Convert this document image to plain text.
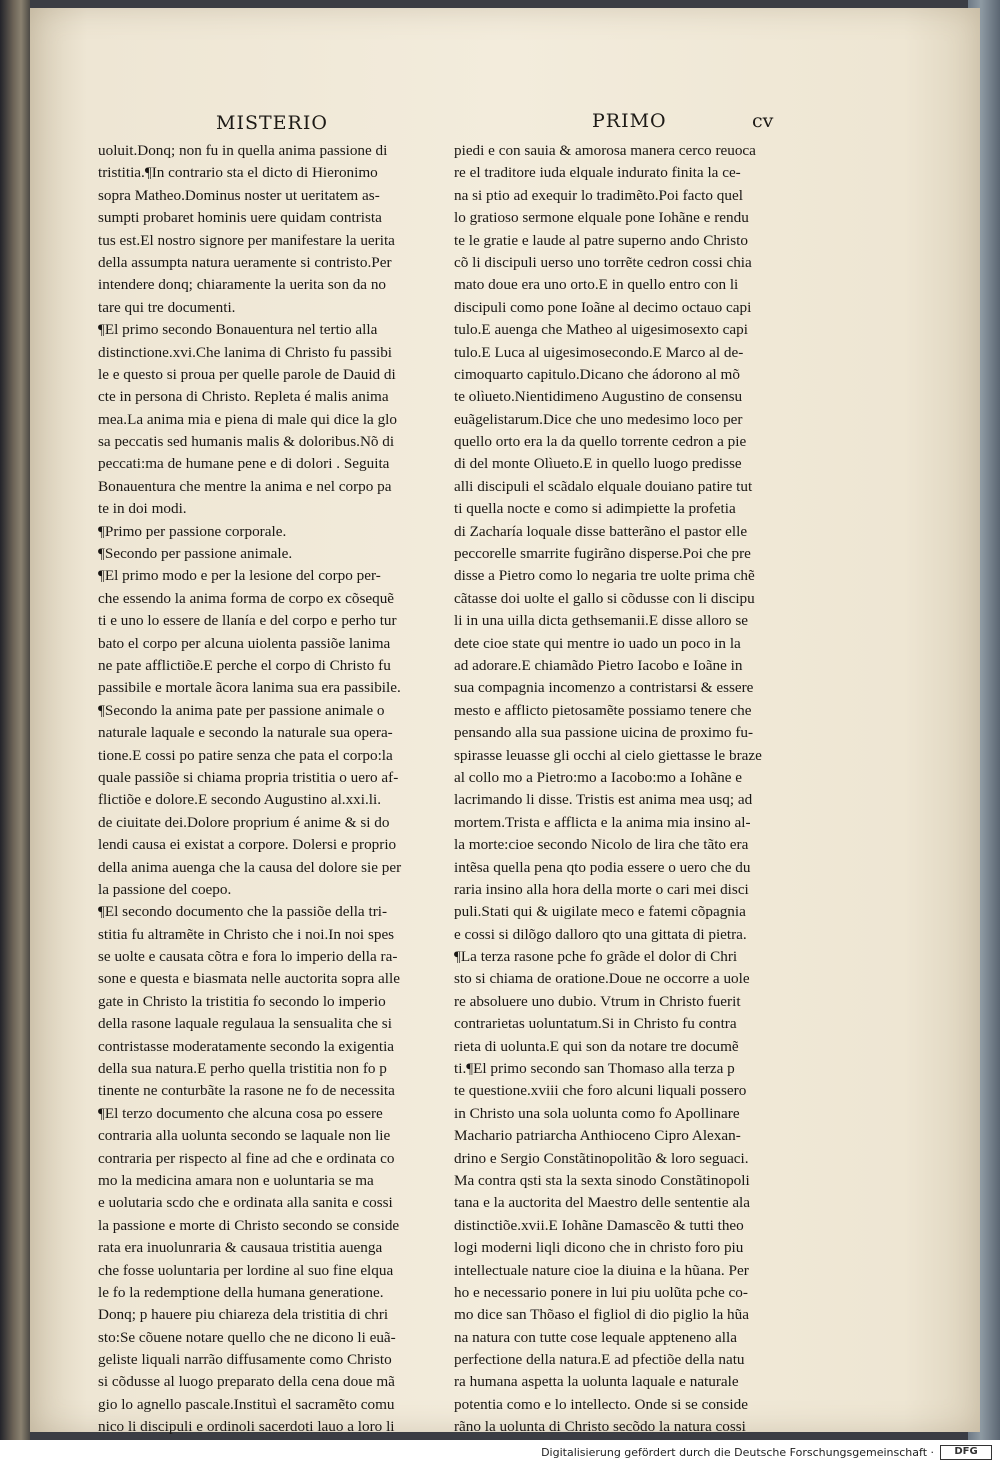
MISTERIO	PRIMO	cv
uoluit.Donq; non fu in quella anima passione di
tristitia.¶In contrario sta el dicto di Hieronimo
sopra Matheo.Dominus noster ut ueritatem as-
sumpti probaret hominis uere quidam contrista
tus est.El nostro signore per manifestare la uerita
della assumpta natura ueramente si contristo.Per
intendere donq; chiaramente la uerita son da no
tare qui tre documenti.
¶El primo secondo Bonauentura nel tertio alla
distinctione.xvi.Che lanima di Christo fu passibi
le e questo si proua per quelle parole de Dauid di
cte in persona di Christo. Repleta é malis anima
mea.La anima mia e piena di male qui dice la glo
sa peccatis sed humanis malis & doloribus.Nõ di
peccati:ma de humane pene e di dolori . Seguita
Bonauentura che mentre la anima e nel corpo pa
te in doi modi.
¶Primo per passione corporale.
¶Secondo per passione animale.
¶El primo modo e per la lesione del corpo per-
che essendo la anima forma de corpo ex cõsequẽ
ti e uno lo essere de llanía e del corpo e perho tur
bato el corpo per alcuna uiolenta passiõe lanima
ne pate afflictiõe.E perche el corpo di Christo fu
passibile e mortale ãcora lanima sua era passibile.
¶Secondo la anima pate per passione animale o
naturale laquale e secondo la naturale sua opera-
tione.E cossi po patire senza che pata el corpo:la
quale passiõe si chiama propria tristitia o uero af-
flictiõe e dolore.E secondo Augustino al.xxi.li.
de ciuitate dei.Dolore proprium é anime & si do
lendi causa ei existat a corpore. Dolersi e proprio
della anima auenga che la causa del dolore sie per
la passione del coepo.
¶El secondo documento che la passiõe della tri-
stitia fu altramẽte in Christo che i noi.In noi spes
se uolte e causata cõtra e fora lo imperio della ra-
sone e questa e biasmata nelle auctorita sopra alle
gate in Christo la tristitia fo secondo lo imperio
della rasone laquale regulaua la sensualita che si
contristasse moderatamente secondo la exigentia
della sua natura.E perho quella tristitia non fo p
tinente ne conturbãte la rasone ne fo de necessita
¶El terzo documento che alcuna cosa po essere
contraria alla uolunta secondo se laquale non lie
contraria per rispecto al fine ad che e ordinata co
mo la medicina amara non e uoluntaria se ma
e uolutaria scdo che e ordinata alla sanita e cossi
la passione e morte di Christo secondo se conside
rata era inuolunraria & causaua tristitia auenga
che fosse uoluntaria per lordine al suo fine elqua
le fo la redemptione della humana generatione.
Donq; p hauere piu chiareza dela tristitia di chri
sto:Se cõuene notare quello che ne dicono li euã-
geliste liquali narrão diffusamente como Christo
si cõdusse al luogo preparato della cena doue mã
gio lo agnello pascale.Instituì el sacramẽto comu
nico li discipuli e ordinoli sacerdoti lauo a loro li
piedi e con sauia & amorosa manera cerco reuoca
re el traditore iuda elquale indurato finita la ce-
na si ptio ad exequir lo tradimẽto.Poi facto quel
lo gratioso sermone elquale pone Iohãne e rendu
te le gratie e laude al patre superno ando Christo
cõ li discipuli uerso uno torrẽte cedron cossi chia
mato doue era uno orto.E in quello entro con li
discipuli como pone Ioãne al decimo octauo capi
tulo.E auenga che Matheo al uigesimosexto capi
tulo.E Luca al uigesimosecondo.E Marco al de-
cimoquarto capitulo.Dicano che ádorono al mõ
te olìueto.Nientidimeno Augustino de consensu
euãgelistarum.Dice che uno medesimo loco per
quello orto era la da quello torrente cedron a pie
di del monte Olìueto.E in quello luogo predisse
alli discipuli el scãdalo elquale douiano patire tut
ti quella nocte e como si adimpiette la profetia
di Zacharía loquale disse batterãno el pastor elle
peccorelle smarrite fugirãno disperse.Poi che pre
disse a Pietro como lo negaria tre uolte prima chẽ
cãtasse doi uolte el gallo si cõdusse con li discipu
li in una uilla dicta gethsemanii.E disse alloro se
dete cioe state qui mentre io uado un poco in la
ad adorare.E chiamãdo Pietro Iacobo e Ioãne in
sua compagnia incomenzo a contristarsi & essere
mesto e afflicto pietosamẽte possiamo tenere che
pensando alla sua passione uicina de proximo fu-
spirasse leuasse gli occhi al cielo giettasse le braze
al collo mo a Pietro:mo a Iacobo:mo a Iohãne e
lacrimando li disse. Tristis est anima mea usq; ad
mortem.Trista e afflicta e la anima mia insino al-
la morte:cioe secondo Nicolo de lira che tãto era
intẽsa quella pena qto podia essere o uero che du
raria insino alla hora della morte o cari mei disci
puli.Stati qui & uigilate meco e fatemi cõpagnia
e cossi si dilõgo dalloro qto una gittata di pietra.
¶La terza rasone pche fo grãde el dolor di Chri
sto si chiama de oratione.Doue ne occorre a uole
re absoluere uno dubio. Vtrum in Christo fuerit
contrarietas uoluntatum.Si in Christo fu contra
rieta di uolunta.E qui son da notare tre documẽ
ti.¶El primo secondo san Thomaso alla terza p
te questione.xviii che foro alcuni liquali possero
in Christo una sola uolunta como fo Apollinare
Machario patriarcha Anthioceno Cipro Alexan-
drino e Sergio Constãtinopolitão & loro seguaci.
Ma contra qsti sta la sexta sinodo Constãtinopoli
tana e la auctorita del Maestro delle sententie ala
distinctiõe.xvii.E Iohãne Damascẽo & tutti theo
logi moderni liqli dicono che in christo foro piu
intellectuale nature cioe la diuina e la hũana. Per
ho e necessario ponere in lui piu uolũta pche co-
mo dice san Thõaso el figliol di dio piglio la hũa
na natura con tutte cose lequale appteneno alla
perfectione della natura.E ad pfectiõe della natu
ra humana aspetta la uolunta laquale e naturale
potentia como e lo intellecto. Onde si se conside
rãno la uolunta di Christo secõdo la natura cossi
Digitalisierung gefördert durch die Deutsche Forschungsgemeinschaft ·	DFG
